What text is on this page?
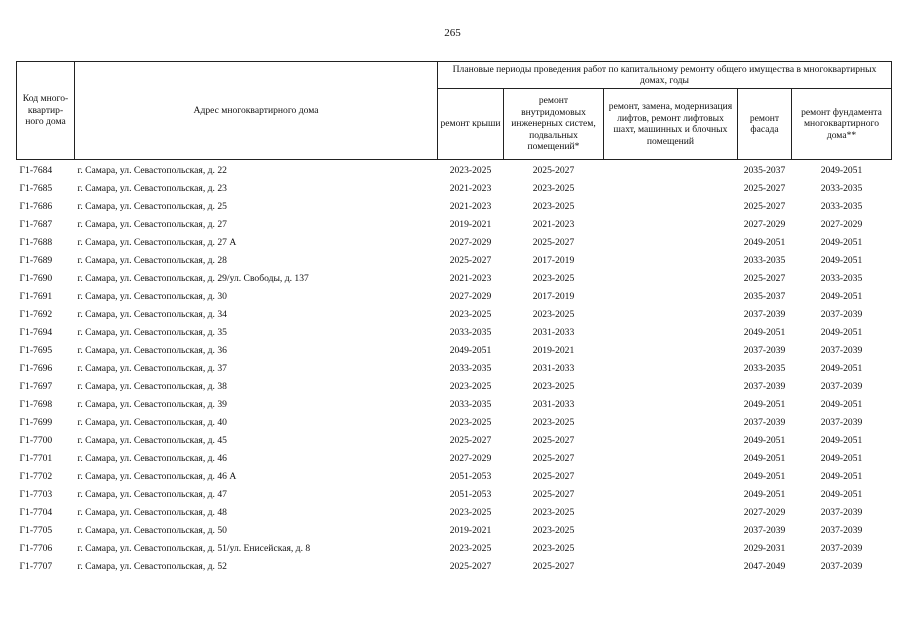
265
Код много-квартир-ного дома	Адрес многоквартирного дома	Плановые периоды проведения работ по капитальному ремонту общего имущества в многоквартирных домах, годы				
		ремонт крыши	ремонт внутридомовых инженерных систем, подвальных помещений*	ремонт, замена, модернизация лифтов, ремонт лифтовых шахт, машинных и блочных помещений	ремонт фасада	ремонт фундамента многоквартирного дома**
Г1-7684	г. Самара, ул. Севастопольская, д. 22	2023-2025	2025-2027		2035-2037	2049-2051
Г1-7685	г. Самара, ул. Севастопольская, д. 23	2021-2023	2023-2025		2025-2027	2033-2035
Г1-7686	г. Самара, ул. Севастопольская, д. 25	2021-2023	2023-2025		2025-2027	2033-2035
Г1-7687	г. Самара, ул. Севастопольская, д. 27	2019-2021	2021-2023		2027-2029	2027-2029
Г1-7688	г. Самара, ул. Севастопольская, д. 27 А	2027-2029	2025-2027		2049-2051	2049-2051
Г1-7689	г. Самара, ул. Севастопольская, д. 28	2025-2027	2017-2019		2033-2035	2049-2051
Г1-7690	г. Самара, ул. Севастопольская, д. 29/ул. Свободы, д. 137	2021-2023	2023-2025		2025-2027	2033-2035
Г1-7691	г. Самара, ул. Севастопольская, д. 30	2027-2029	2017-2019		2035-2037	2049-2051
Г1-7692	г. Самара, ул. Севастопольская, д. 34	2023-2025	2023-2025		2037-2039	2037-2039
Г1-7694	г. Самара, ул. Севастопольская, д. 35	2033-2035	2031-2033		2049-2051	2049-2051
Г1-7695	г. Самара, ул. Севастопольская, д. 36	2049-2051	2019-2021		2037-2039	2037-2039
Г1-7696	г. Самара, ул. Севастопольская, д. 37	2033-2035	2031-2033		2033-2035	2049-2051
Г1-7697	г. Самара, ул. Севастопольская, д. 38	2023-2025	2023-2025		2037-2039	2037-2039
Г1-7698	г. Самара, ул. Севастопольская, д. 39	2033-2035	2031-2033		2049-2051	2049-2051
Г1-7699	г. Самара, ул. Севастопольская, д. 40	2023-2025	2023-2025		2037-2039	2037-2039
Г1-7700	г. Самара, ул. Севастопольская, д. 45	2025-2027	2025-2027		2049-2051	2049-2051
Г1-7701	г. Самара, ул. Севастопольская, д. 46	2027-2029	2025-2027		2049-2051	2049-2051
Г1-7702	г. Самара, ул. Севастопольская, д. 46 А	2051-2053	2025-2027		2049-2051	2049-2051
Г1-7703	г. Самара, ул. Севастопольская, д. 47	2051-2053	2025-2027		2049-2051	2049-2051
Г1-7704	г. Самара, ул. Севастопольская, д. 48	2023-2025	2023-2025		2027-2029	2037-2039
Г1-7705	г. Самара, ул. Севастопольская, д. 50	2019-2021	2023-2025		2037-2039	2037-2039
Г1-7706	г. Самара, ул. Севастопольская, д. 51/ул. Енисейская, д. 8	2023-2025	2023-2025		2029-2031	2037-2039
Г1-7707	г. Самара, ул. Севастопольская, д. 52	2025-2027	2025-2027		2047-2049	2037-2039
